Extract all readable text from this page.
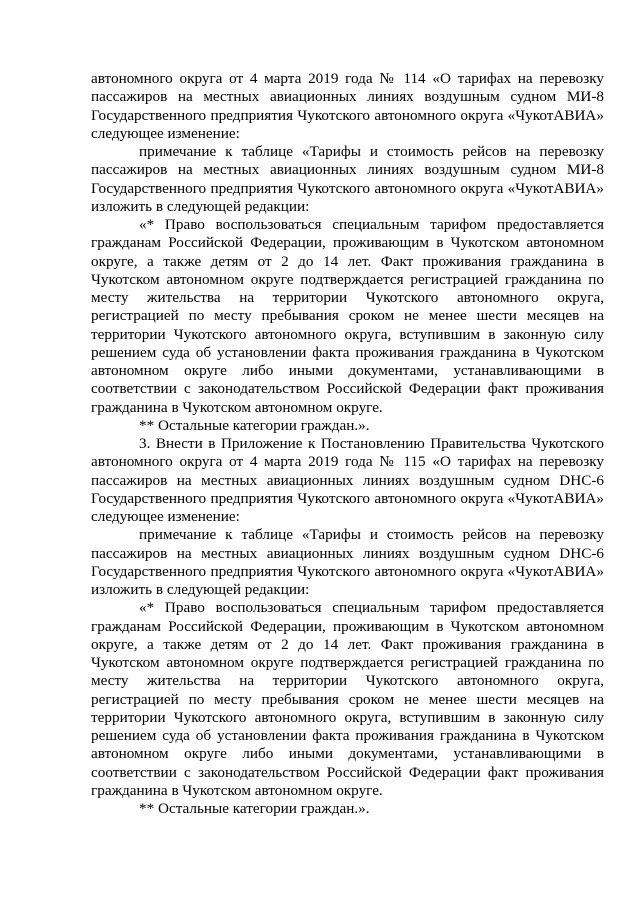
автономного округа от 4 марта 2019 года № 114 «О тарифах на перевозку пассажиров на местных авиационных линиях воздушным судном МИ-8 Государственного предприятия Чукотского автономного округа «ЧукотАВИА» следующее изменение:

примечание к таблице «Тарифы и стоимость рейсов на перевозку пассажиров на местных авиационных линиях воздушным судном МИ-8 Государственного предприятия Чукотского автономного округа «ЧукотАВИА» изложить в следующей редакции:

«* Право воспользоваться специальным тарифом предоставляется гражданам Российской Федерации, проживающим в Чукотском автономном округе, а также детям от 2 до 14 лет. Факт проживания гражданина в Чукотском автономном округе подтверждается регистрацией гражданина по месту жительства на территории Чукотского автономного округа, регистрацией по месту пребывания сроком не менее шести месяцев на территории Чукотского автономного округа, вступившим в законную силу решением суда об установлении факта проживания гражданина в Чукотском автономном округе либо иными документами, устанавливающими в соответствии с законодательством Российской Федерации факт проживания гражданина в Чукотском автономном округе.

** Остальные категории граждан.».

3. Внести в Приложение к Постановлению Правительства Чукотского автономного округа от 4 марта 2019 года № 115 «О тарифах на перевозку пассажиров на местных авиационных линиях воздушным судном DHC-6 Государственного предприятия Чукотского автономного округа «ЧукотАВИА» следующее изменение:

примечание к таблице «Тарифы и стоимость рейсов на перевозку пассажиров на местных авиационных линиях воздушным судном DHC-6 Государственного предприятия Чукотского автономного округа «ЧукотАВИА» изложить в следующей редакции:

«* Право воспользоваться специальным тарифом предоставляется гражданам Российской Федерации, проживающим в Чукотском автономном округе, а также детям от 2 до 14 лет. Факт проживания гражданина в Чукотском автономном округе подтверждается регистрацией гражданина по месту жительства на территории Чукотского автономного округа, регистрацией по месту пребывания сроком не менее шести месяцев на территории Чукотского автономного округа, вступившим в законную силу решением суда об установлении факта проживания гражданина в Чукотском автономном округе либо иными документами, устанавливающими в соответствии с законодательством Российской Федерации факт проживания гражданина в Чукотском автономном округе.

** Остальные категории граждан.».
